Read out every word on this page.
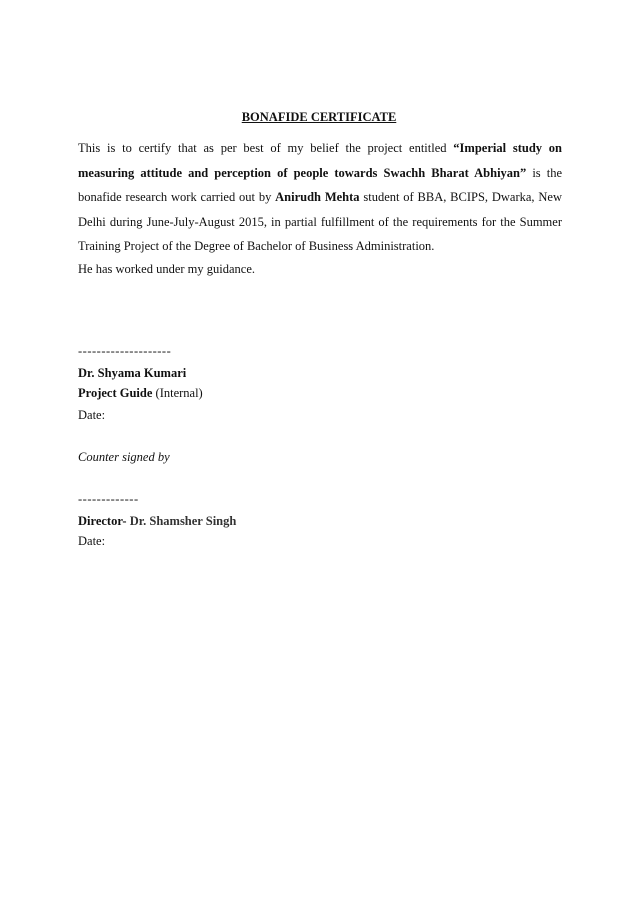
BONAFIDE CERTIFICATE

This is to certify that as per best of my belief the project entitled “Imperial study on measuring attitude and perception of people towards Swachh Bharat Abhiyan” is the bonafide research work carried out by Anirudh Mehta student of BBA, BCIPS, Dwarka, New Delhi during June-July-August 2015, in partial fulfillment of the requirements for the Summer Training Project of the Degree of Bachelor of Business Administration.

He has worked under my guidance.

--------------------

Dr. Shyama Kumari

Project Guide (Internal)

Date:

Counter signed by

-------------

Director- Dr. Shamsher Singh

Date:
